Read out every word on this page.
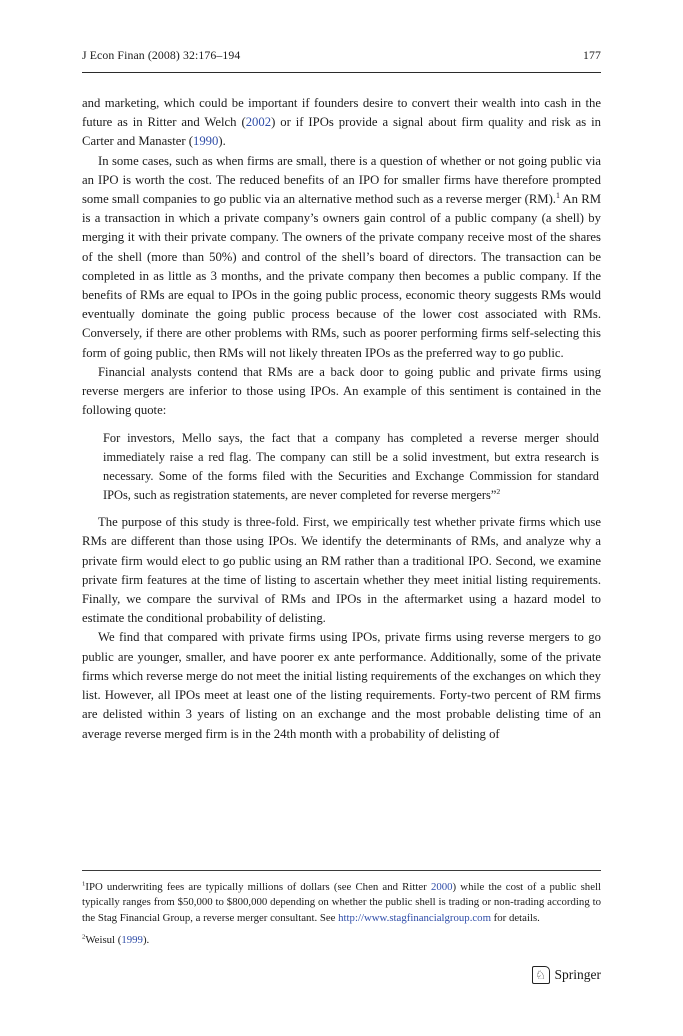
J Econ Finan (2008) 32:176–194	177

and marketing, which could be important if founders desire to convert their wealth into cash in the future as in Ritter and Welch (2002) or if IPOs provide a signal about firm quality and risk as in Carter and Manaster (1990).

In some cases, such as when firms are small, there is a question of whether or not going public via an IPO is worth the cost. The reduced benefits of an IPO for smaller firms have therefore prompted some small companies to go public via an alternative method such as a reverse merger (RM).$^1$ An RM is a transaction in which a private company’s owners gain control of a public company (a shell) by merging it with their private company. The owners of the private company receive most of the shares of the shell (more than 50%) and control of the shell’s board of directors. The transaction can be completed in as little as 3 months, and the private company then becomes a public company. If the benefits of RMs are equal to IPOs in the going public process, economic theory suggests RMs would eventually dominate the going public process because of the lower cost associated with RMs. Conversely, if there are other problems with RMs, such as poorer performing firms self-selecting this form of going public, then RMs will not likely threaten IPOs as the preferred way to go public.

Financial analysts contend that RMs are a back door to going public and private firms using reverse mergers are inferior to those using IPOs. An example of this sentiment is contained in the following quote:

For investors, Mello says, the fact that a company has completed a reverse merger should immediately raise a red flag. The company can still be a solid investment, but extra research is necessary. Some of the forms filed with the Securities and Exchange Commission for standard IPOs, such as registration statements, are never completed for reverse mergers”$^2$

The purpose of this study is three-fold. First, we empirically test whether private firms which use RMs are different than those using IPOs. We identify the determinants of RMs, and analyze why a private firm would elect to go public using an RM rather than a traditional IPO. Second, we examine private firm features at the time of listing to ascertain whether they meet initial listing requirements. Finally, we compare the survival of RMs and IPOs in the aftermarket using a hazard model to estimate the conditional probability of delisting.

We find that compared with private firms using IPOs, private firms using reverse mergers to go public are younger, smaller, and have poorer ex ante performance. Additionally, some of the private firms which reverse merge do not meet the initial listing requirements of the exchanges on which they list. However, all IPOs meet at least one of the listing requirements. Forty-two percent of RM firms are delisted within 3 years of listing on an exchange and the most probable delisting time of an average reverse merged firm is in the 24th month with a probability of delisting of

$^1$IPO underwriting fees are typically millions of dollars (see Chen and Ritter 2000) while the cost of a public shell typically ranges from $50,000 to $800,000 depending on whether the public shell is trading or non-trading according to the Stag Financial Group, a reverse merger consultant. See http://www.stagfinancialgroup.com for details.

$^2$Weisul (1999).

♘ Springer
